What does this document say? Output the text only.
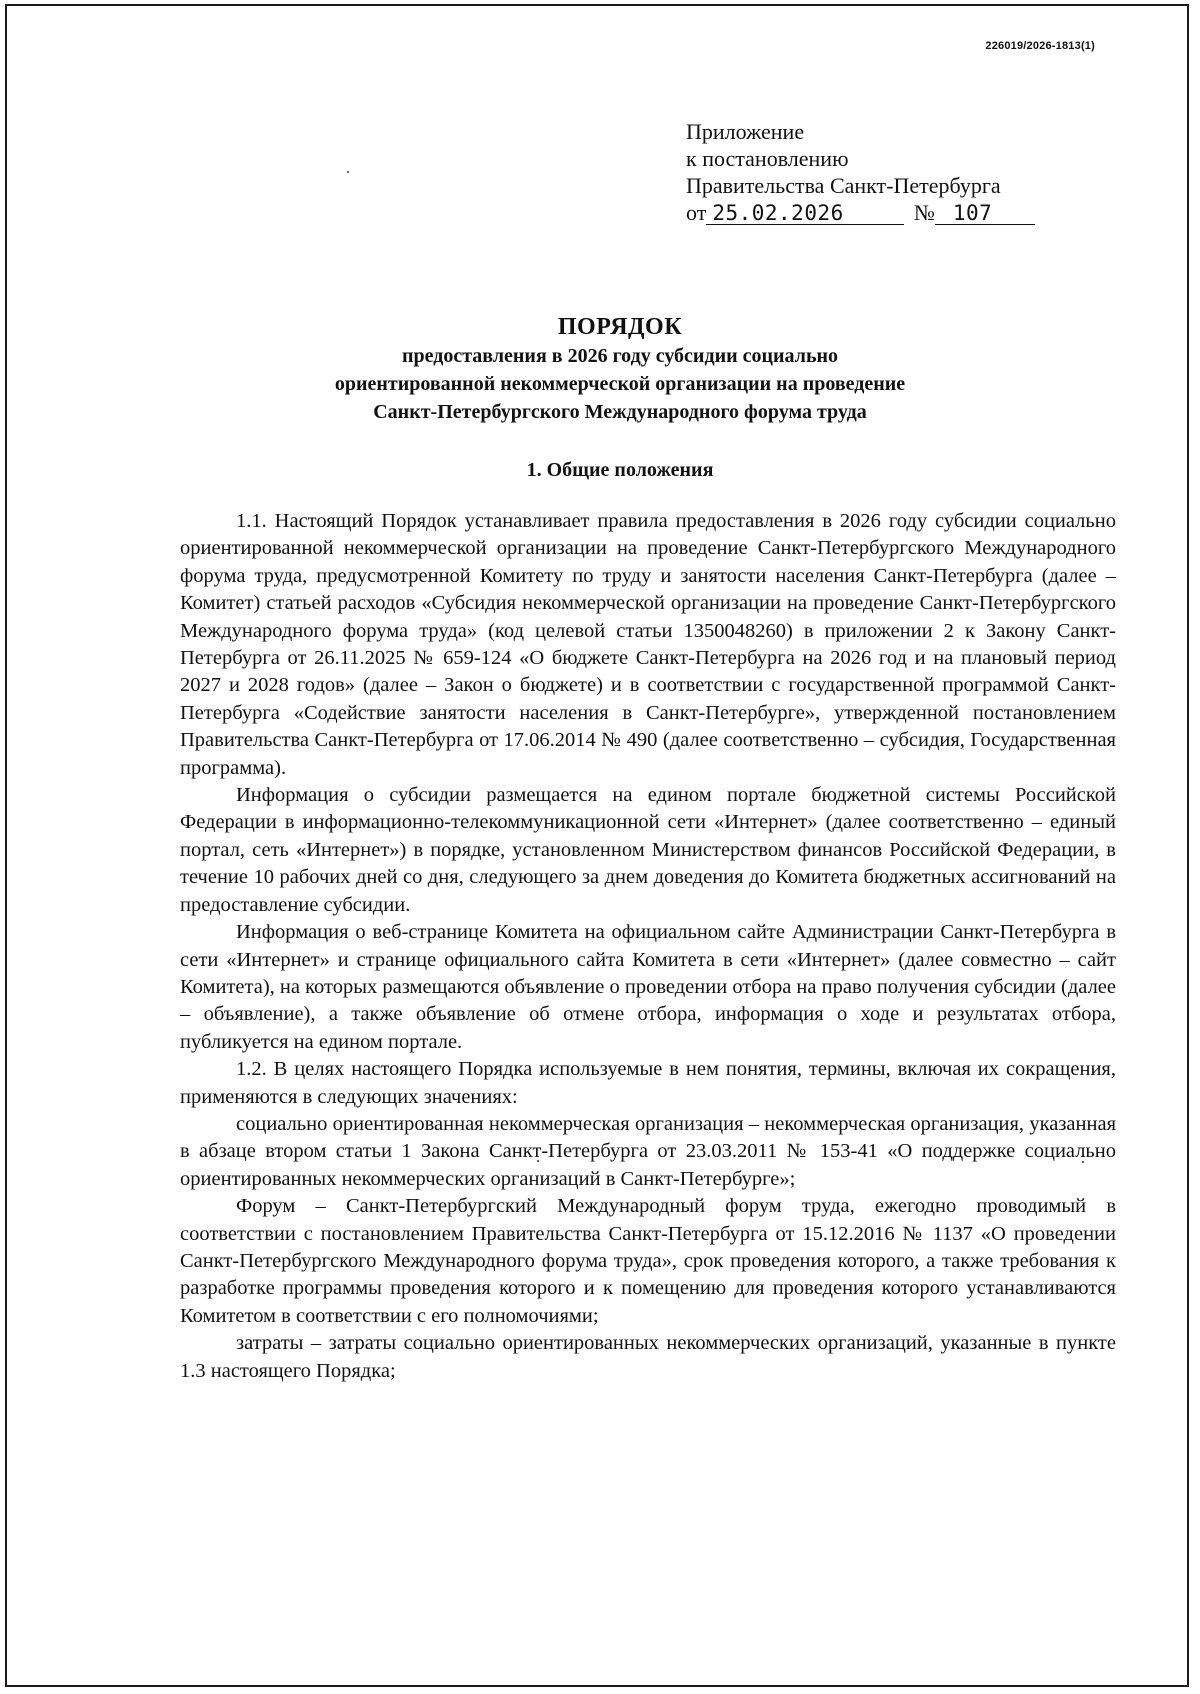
226019/2026-1813(1)
Приложение
к постановлению
Правительства Санкт-Петербурга
от 25.02.2026	№ 107
ПОРЯДОК
предоставления в 2026 году субсидии социально
ориентированной некоммерческой организации на проведение
Санкт-Петербургского Международного форума труда
1. Общие положения

1.1. Настоящий Порядок устанавливает правила предоставления в 2026 году субсидии социально ориентированной некоммерческой организации на проведение Санкт-Петербургского Международного форума труда, предусмотренной Комитету по труду и занятости населения Санкт-Петербурга (далее – Комитет) статьей расходов «Субсидия некоммерческой организации на проведение Санкт-Петербургского Международного форума труда» (код целевой статьи 1350048260) в приложении 2 к Закону Санкт-Петербурга от 26.11.2025 № 659-124 «О бюджете Санкт-Петербурга на 2026 год и на плановый период 2027 и 2028 годов» (далее – Закон о бюджете) и в соответствии с государственной программой Санкт-Петербурга «Содействие занятости населения в Санкт-Петербурге», утвержденной постановлением Правительства Санкт-Петербурга от 17.06.2014 № 490 (далее соответственно – субсидия, Государственная программа).

Информация о субсидии размещается на едином портале бюджетной системы Российской Федерации в информационно-телекоммуникационной сети «Интернет» (далее соответственно – единый портал, сеть «Интернет») в порядке, установленном Министерством финансов Российской Федерации, в течение 10 рабочих дней со дня, следующего за днем доведения до Комитета бюджетных ассигнований на предоставление субсидии.

Информация о веб-странице Комитета на официальном сайте Администрации Санкт-Петербурга в сети «Интернет» и странице официального сайта Комитета в сети «Интернет» (далее совместно – сайт Комитета), на которых размещаются объявление о проведении отбора на право получения субсидии (далее – объявление), а также объявление об отмене отбора, информация о ходе и результатах отбора, публикуется на едином портале.

1.2. В целях настоящего Порядка используемые в нем понятия, термины, включая их сокращения, применяются в следующих значениях:

социально ориентированная некоммерческая организация – некоммерческая организация, указанная в абзаце втором статьи 1 Закона Санкт-Петербурга от 23.03.2011 № 153-41 «О поддержке социально ориентированных некоммерческих организаций в Санкт-Петербурге»;

Форум – Санкт-Петербургский Международный форум труда, ежегодно проводимый в соответствии с постановлением Правительства Санкт-Петербурга от 15.12.2016 № 1137 «О проведении Санкт-Петербургского Международного форума труда», срок проведения которого, а также требования к разработке программы проведения которого и к помещению для проведения которого устанавливаются Комитетом в соответствии с его полномочиями;

затраты – затраты социально ориентированных некоммерческих организаций, указанные в пункте 1.3 настоящего Порядка;
